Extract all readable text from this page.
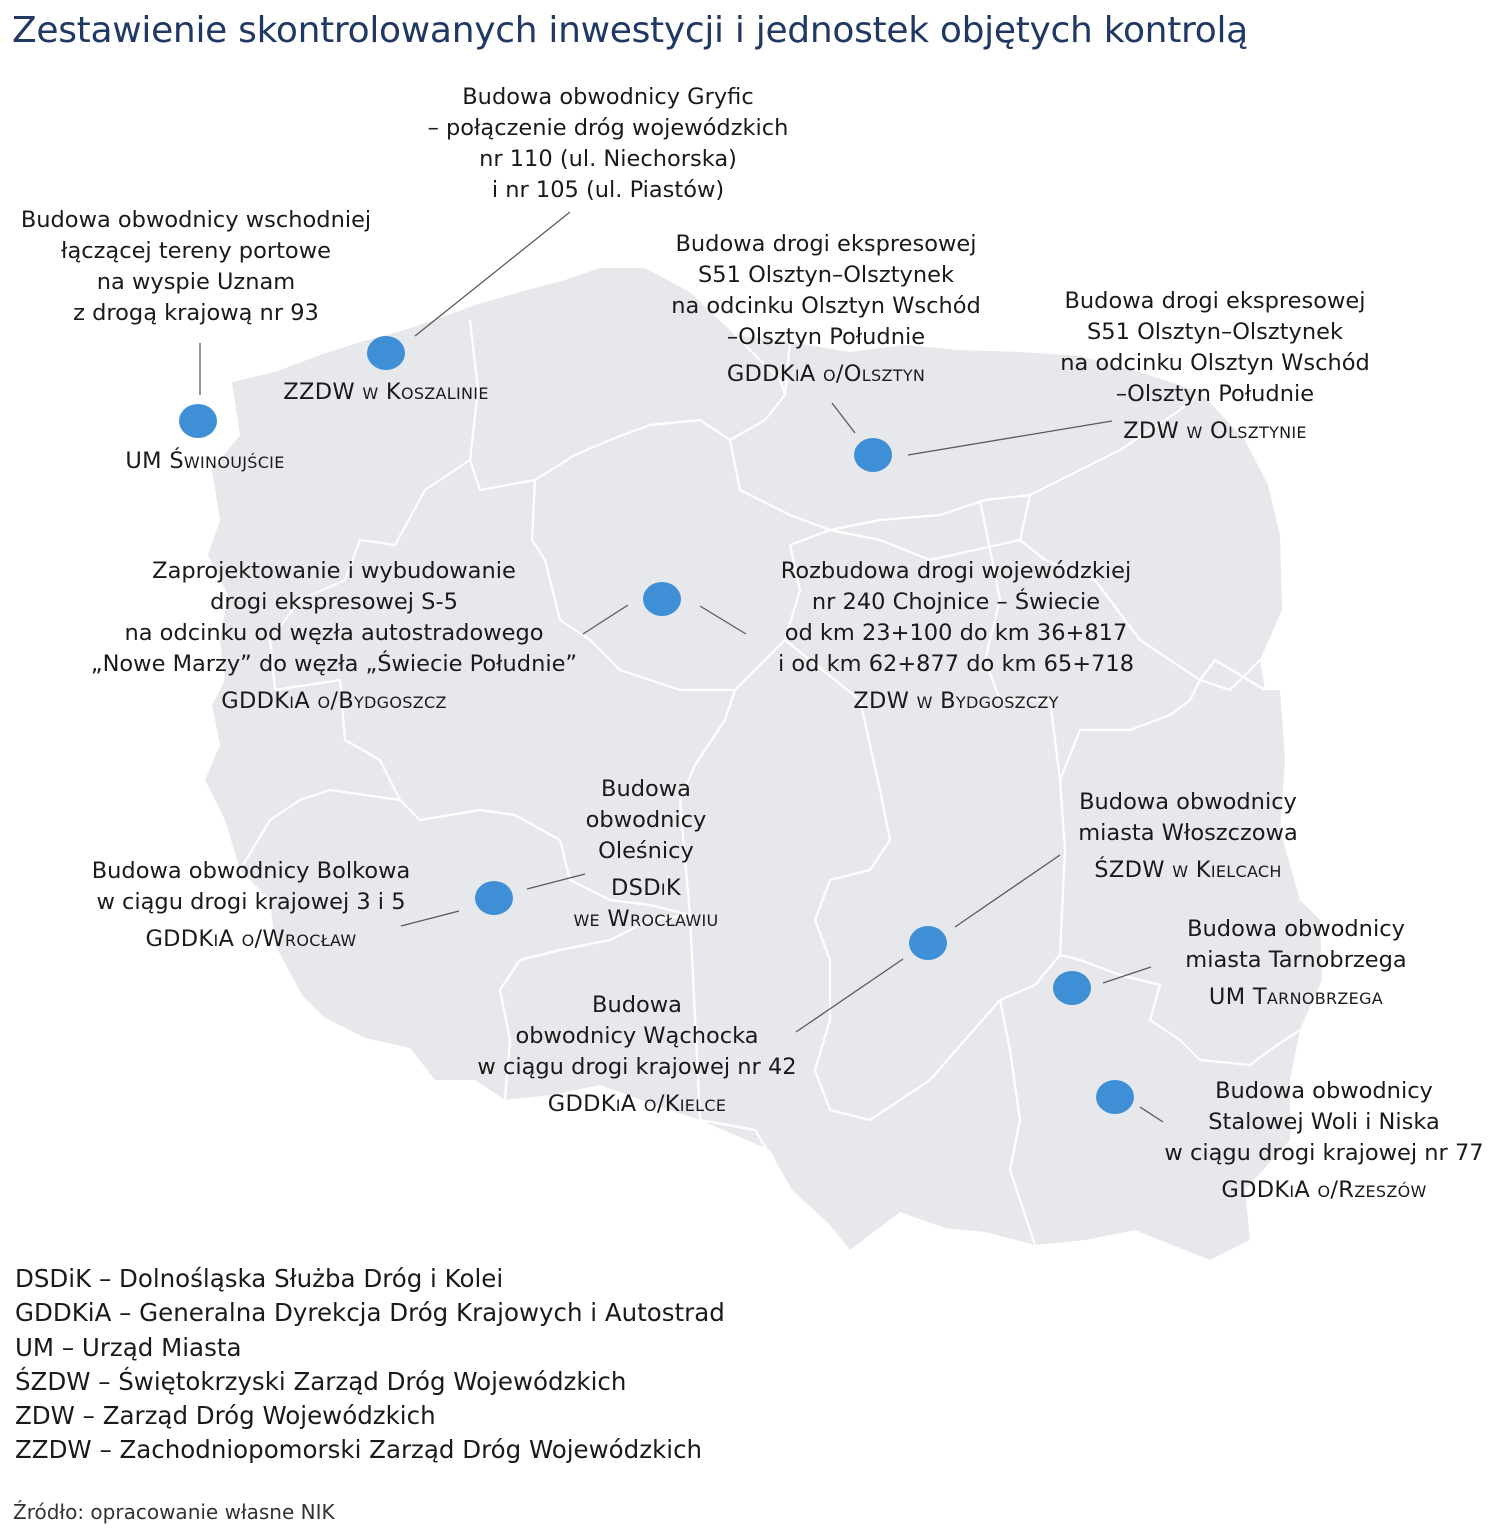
Zestawienie skontrolowanych inwestycji i jednostek objętych kontrolą
Budowa obwodnicy wschodniej
łączącej tereny portowe
na wyspie Uznam
z drogą krajową nr 93
UM Świnoujście
Budowa obwodnicy Gryfic
– połączenie dróg wojewódzkich
nr 110 (ul. Niechorska)
i nr 105 (ul. Piastów)
ZZDW w Koszalinie
Budowa drogi ekspresowej
S51 Olsztyn–Olsztynek
na odcinku Olsztyn Wschód
–Olsztyn Południe
GDDKiA o/Olsztyn
Budowa drogi ekspresowej
S51 Olsztyn–Olsztynek
na odcinku Olsztyn Wschód
–Olsztyn Południe
ZDW w Olsztynie
Zaprojektowanie i wybudowanie
drogi ekspresowej S-5
na odcinku od węzła autostradowego
„Nowe Marzy” do węzła „Świecie Południe”
GDDKiA o/Bydgoszcz
Rozbudowa drogi wojewódzkiej
nr 240 Chojnice – Świecie
od km 23+100 do km 36+817
i od km 62+877 do km 65+718
ZDW w Bydgoszczy
Budowa
obwodnicy
Oleśnicy
DSDiK
we Wrocławiu
Budowa obwodnicy Bolkowa
w ciągu drogi krajowej 3 i 5
GDDKiA o/Wrocław
Budowa obwodnicy
miasta Włoszczowa
ŚZDW w Kielcach
Budowa
obwodnicy Wąchocka
w ciągu drogi krajowej nr 42
GDDKiA o/Kielce
Budowa obwodnicy
miasta Tarnobrzega
UM Tarnobrzega
Budowa obwodnicy
Stalowej Woli i Niska
w ciągu drogi krajowej nr 77
GDDKiA o/Rzeszów
DSDiK – Dolnośląska Służba Dróg i Kolei
GDDKiA – Generalna Dyrekcja Dróg Krajowych i Autostrad
UM – Urząd Miasta
ŚZDW – Świętokrzyski Zarząd Dróg Wojewódzkich
ZDW – Zarząd Dróg Wojewódzkich
ZZDW – Zachodniopomorski Zarząd Dróg Wojewódzkich
Źródło: opracowanie własne NIK
